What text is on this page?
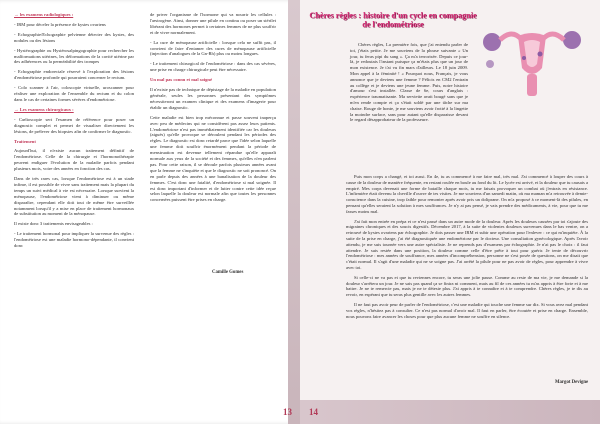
→ les examens radiologiques :

- IRM pour déceler la présence de kystes ovariens

- Echographie/Echographie pelvienne détecter des kystes, des nodules ou des lésions

- Hystérographie ou Hystérosalpingographie pour rechercher les malformations utérines, les déformations de la cavité utérine par des adhérences ou la perméabilité des trompes

- Echographie endorectale réservé à l'exploration des lésions d'endométriose profonde qui pourraient concerner le rectum.

- Colo scanner à l'air, coloscopie virtuelle, uroscanner pour réaliser une exploration de l'ensemble du rectum et du colon dans le cas de certaines formes sévères d'endométriose.

→ Les examens chirurgicaux :

- Cœlioscopie sert l'examen de référence pour poser un diagnostic complet et permet de visualiser directement les lésions, de prélever des biopsies afin de confirmer le diagnostic.

Traitement

Aujourd'hui, il n'existe aucun traitement définitif de l'endométriose. Celle de la chirurgie et l'hormonothérapie peuvent endiguer l'évolution de la maladie parfois pendant plusieurs mois, voire des années en fonction des cas.

Dans de très rares cas, lorsque l'endométriose est à un stade infime, il est possible de vivre sans traitement mais la plupart du temps un suivi médical à vie est nécessaire. Lorsque survient la ménopause, l'endométriose vient à diminuer ou même disparaître, cependant elle doit tout de même être surveillée notamment lorsqu'il y a mise en place de traitement hormonaux de substitution au moment de la ménopause.

Il existe donc 3 traitements envisageables :

- Le traitement hormonal pour impliquer la survenue des règles : l'endométriose est une maladie hormono-dépendante, il convient donc

de priver l'organisme de l'hormone qui va nourrir les cellules : l'œstrogène. Ainsi, donner une pilule en continu ou poser un stérilet libérant des hormones permet à certaines femmes de ne plus souffrir et de vivre normalement.

- La cure de ménopause artificielle : lorsque cela ne suffit pas, il convient de faire d'entamer des cures de ménopause artificielle (injection d'analogues de la Gn-Rh) plus ou moins longues.

- Le traitement chirurgical de l'endométriose : dans des cas sévères, une prise en charge chirurgicale peut être nécessaire.

Un mal pas connu et mal soigné

Il n'existe pas de technique de dépistage de la maladie en population générale, seules les personnes présentant des symptômes nécessiteront un examen clinique et des examens d'imagerie pour établir un diagnostic.

Cette maladie est bien trop méconnue et passe souvent inaperçu avec peu de médecins qui ne considèrent pas assez leurs patients. L'endométriose n'est pas immédiatement identifiée car les douleurs (aiguës) qu'elle provoque se déroulent pendant les périodes des règles. Le diagnostic est donc retardé parce que l'idée selon laquelle une femme doit souffrir énormément pendant la période de menstruation est devenue tellement répandue qu'elle apparaît normale aux yeux de la société et des femmes, qu'elles n'en parlent pas. Pour cette raison, il se déroule parfois plusieurs années avant que la femme ne s'inquiète et que le diagnostic ne soit prononcé. On en parle depuis des années à une banalisation de la douleur des femmes. C'est donc une fatalité, d'endométriose si mal soignée. Il est donc important d'informer et de lutter contre cette idée reçue selon laquelle la douleur est normale afin que toutes les personnes concernées puissent être prises en charge.

Camille Gomes
13 14
Chères règles : histoire d'un cycle en compagnie de l'endométriose

Chères règles, La première fois, que j'ai entendu parler de toi, j'étais petite. Je me souviens de la phrase suivante « Un jour, tu feras pipi du sang ». Ça m'a terrorisée. Depuis ce jour-là, je redoutais l'instant puisque ça m'étais plus que un jour de mon existence. Je t'ai vu fin mars d'ailleurs. Le 18 juin 2009. Mon appel à la féminité ! « Pourquoi nous, Français, je vous annonce que je deviens une femme ? Félicis en CM2 l'entrain au collège et je deviens une jeune femme. Puis, notre histoire d'amour s'est installée. Classe de 6e, cours d'anglais : expérience traumatisante. Ma serviette avait bougé sans que je m'en rende compte et ça s'était soldé par une tâche sur ma chaise. Rouge de honte, je me souviens avoir frotté à la lingette la moindre surface, sans pour autant qu'elle disparaisse devant le regard désapprobateur de la professeure.

Puis mon corps a changé, et toi aussi. En 4e, tu as commencé à me faire mal, très mal. J'ai commencé à louper des cours à cause de la douleur de manière fréquente, en restant roulée en boule au fond du lit. Le lycée est arrivé, et la douleur que tu causais a empiré. Mes corps devenait une forme de bataille chaque mois, tu me faisais provoquer un combat où j'entrais en résistance. L'infirmière était devenu la cheville d'ouvre de tes visites. Je me souviens d'un samedi matin, où ma maman m'a retrouvée à demie-conscience dans la cuisine, trop faible pour remonter après avoir pris un doliprane. On m'a proposé à ce moment-là des pilules, en pensant qu'elles seraient la solution à mes souffrances. Je n'y ai pas pensé, je vais prendre des médicaments, à vie, pour que tu me fasses moins mal.

J'ai fait mon entrée en prépa et ce n'est passé dans un autre mode de la douleur. Après les douleurs causées par toi s'ajoute des migraines chroniques et des soucis digestifs. Décembre 2017, à la suite de violentes douleurs survenues dans le bas ventre, on a retrouvé de kystes ovariens par échographie. Je dois passer une IRM et subir une opération pour l'enlever : ce qui m'inquiète. À la suite de la prise en charge, j'ai été diagnostiquée une endométriose par le docteur. Une consultation gynécologique. Après l'avoir attendu, je me suis tournée vers une autre spécialiste. Je ne reprends pas d'examens par échographie. Je n'ai pas le choix : il faut attendre. Je suis restée dans une position, la douleur comme celle d'être prête à tout pour guérir. Je tente de découvrir l'endométriose : mes années de souffrance, mes années d'incompréhension, personne ne s'est posée de questions, on me disait que c'était normal. Il s'agit d'une maladie qui ne se soigne pas. J'ai arrêté la pilule pour ne pas avoir de règles, pour apprendre à vivre avec toi.

Si celle-ci ne va pas et que tu reviennes encore, tu seras une jolie pause. Comme au reste de ma vie, je me demande si la douleur s'arrêtera un jour. Je ne sais pas quand ça se finira ni comment, mais au fil de ces années tu m'as appris à être forte et à me battre. Je ne te remercie pas, mais je ne te déteste plus. J'ai appris à te connaître et à te comprendre. Chères règles, je te dis au revoir, en espérant que tu seras plus gentille avec les autres femmes.

Il ne faut pas avoir peur de parler de l'endométriose, c'est une maladie qui touche une femme sur dix. Si vous avez mal pendant vos règles, n'hésitez pas à consulter. Ce n'est pas normal d'avoir mal. Il faut en parler, être écoutée et prise en charge. Ensemble, nous pouvons faire avancer les choses pour que plus aucune femme ne souffre en silence.

Margot Devigne
